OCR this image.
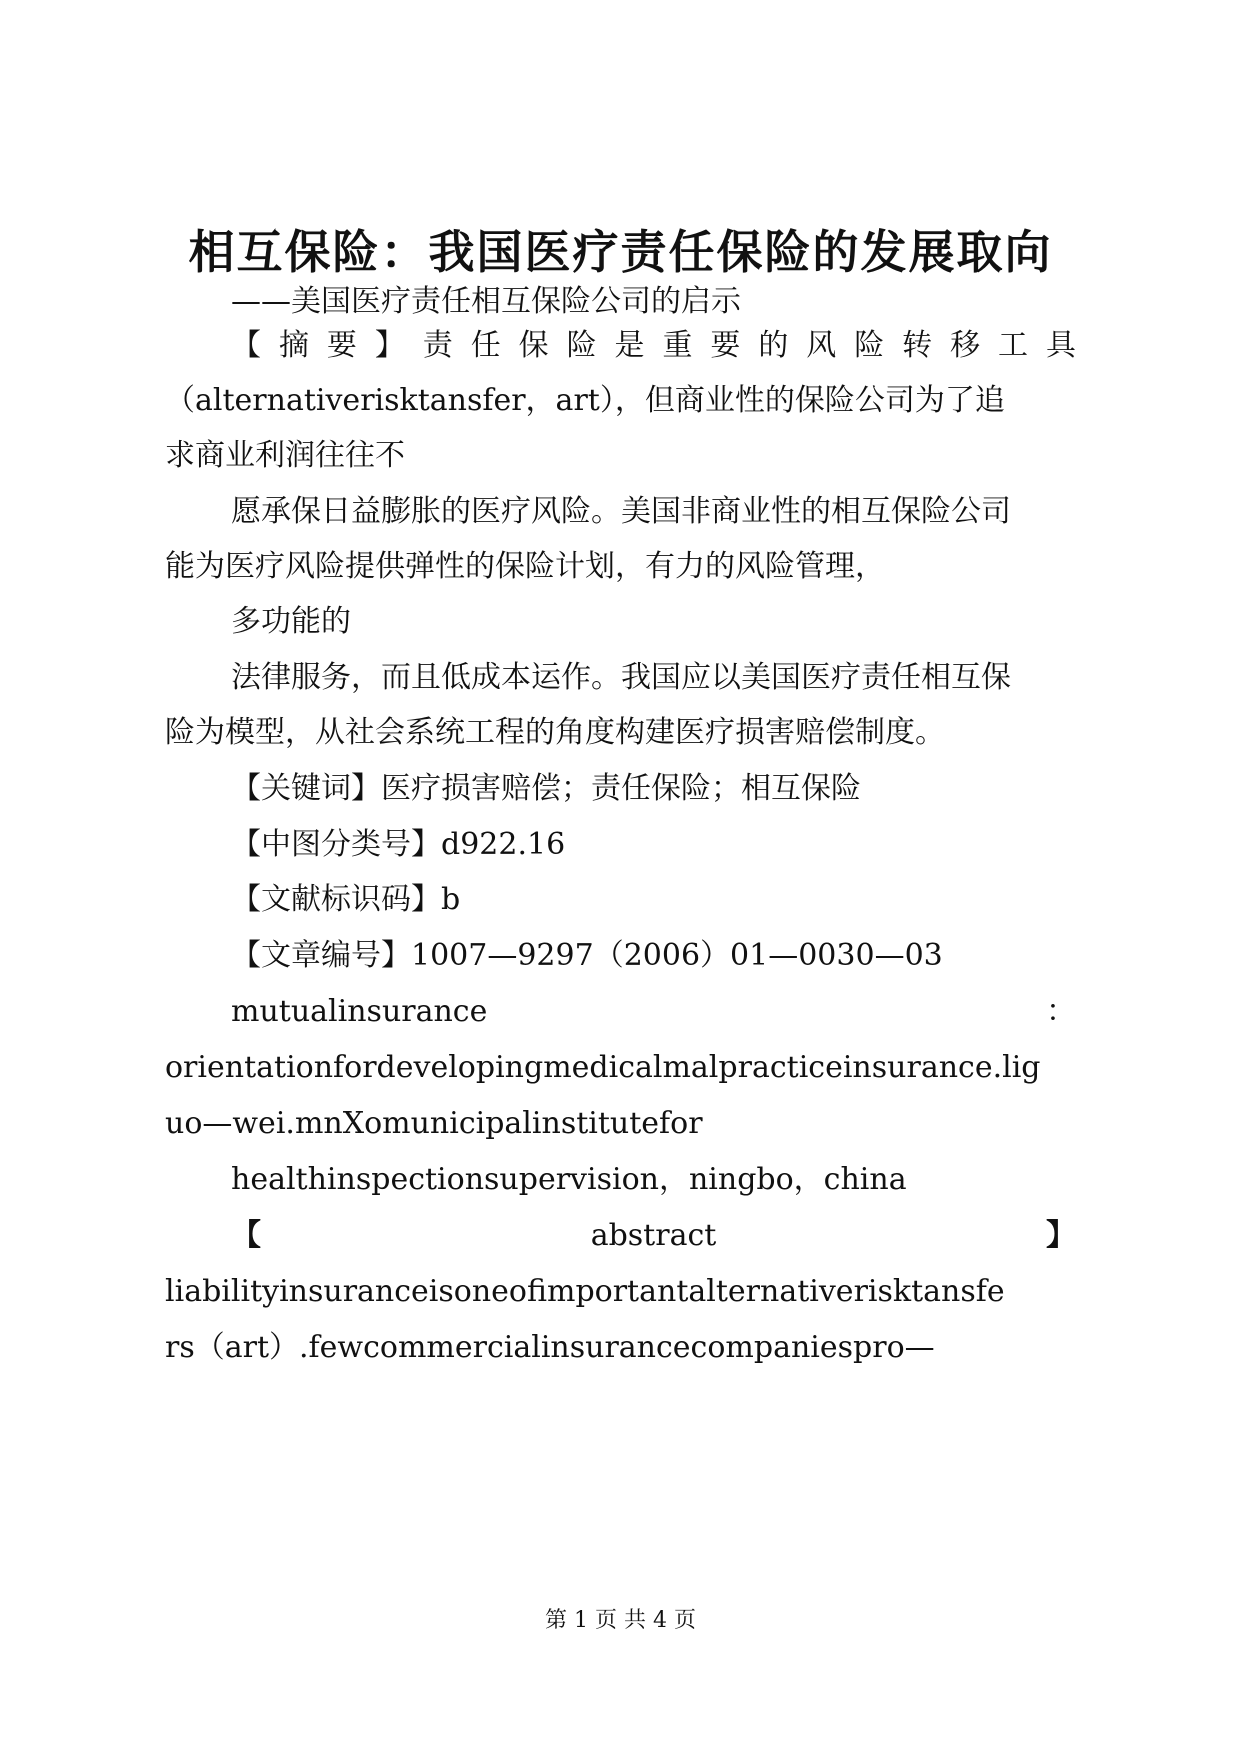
相互保险：我国医疗责任保险的发展取向
——美国医疗责任相互保险公司的启示
【 摘 要 】 责 任 保 险 是 重 要 的 风 险 转 移 工 具
（alternativerisktansfer，art），但商业性的保险公司为了追
求商业利润往往不
愿承保日益膨胀的医疗风险。美国非商业性的相互保险公司
能为医疗风险提供弹性的保险计划，有力的风险管理，
多功能的
法律服务，而且低成本运作。我国应以美国医疗责任相互保
险为模型，从社会系统工程的角度构建医疗损害赔偿制度。
【关键词】医疗损害赔偿；责任保险；相互保险
【中图分类号】d922.16
【文献标识码】b
【文章编号】1007—9297（2006）01—0030—03
mutualinsurance	：
orientationfordevelopingmedicalmalpracticeinsurance.lig
uo—wei.mnXomunicipalinstitutefor
healthinspectionsupervision，ningbo，china
【	abstract	】
liabilityinsuranceisoneofimportantalternativerisktansfe
rs（art）.fewcommercialinsurancecompaniespro—
第 1 页 共 4 页
